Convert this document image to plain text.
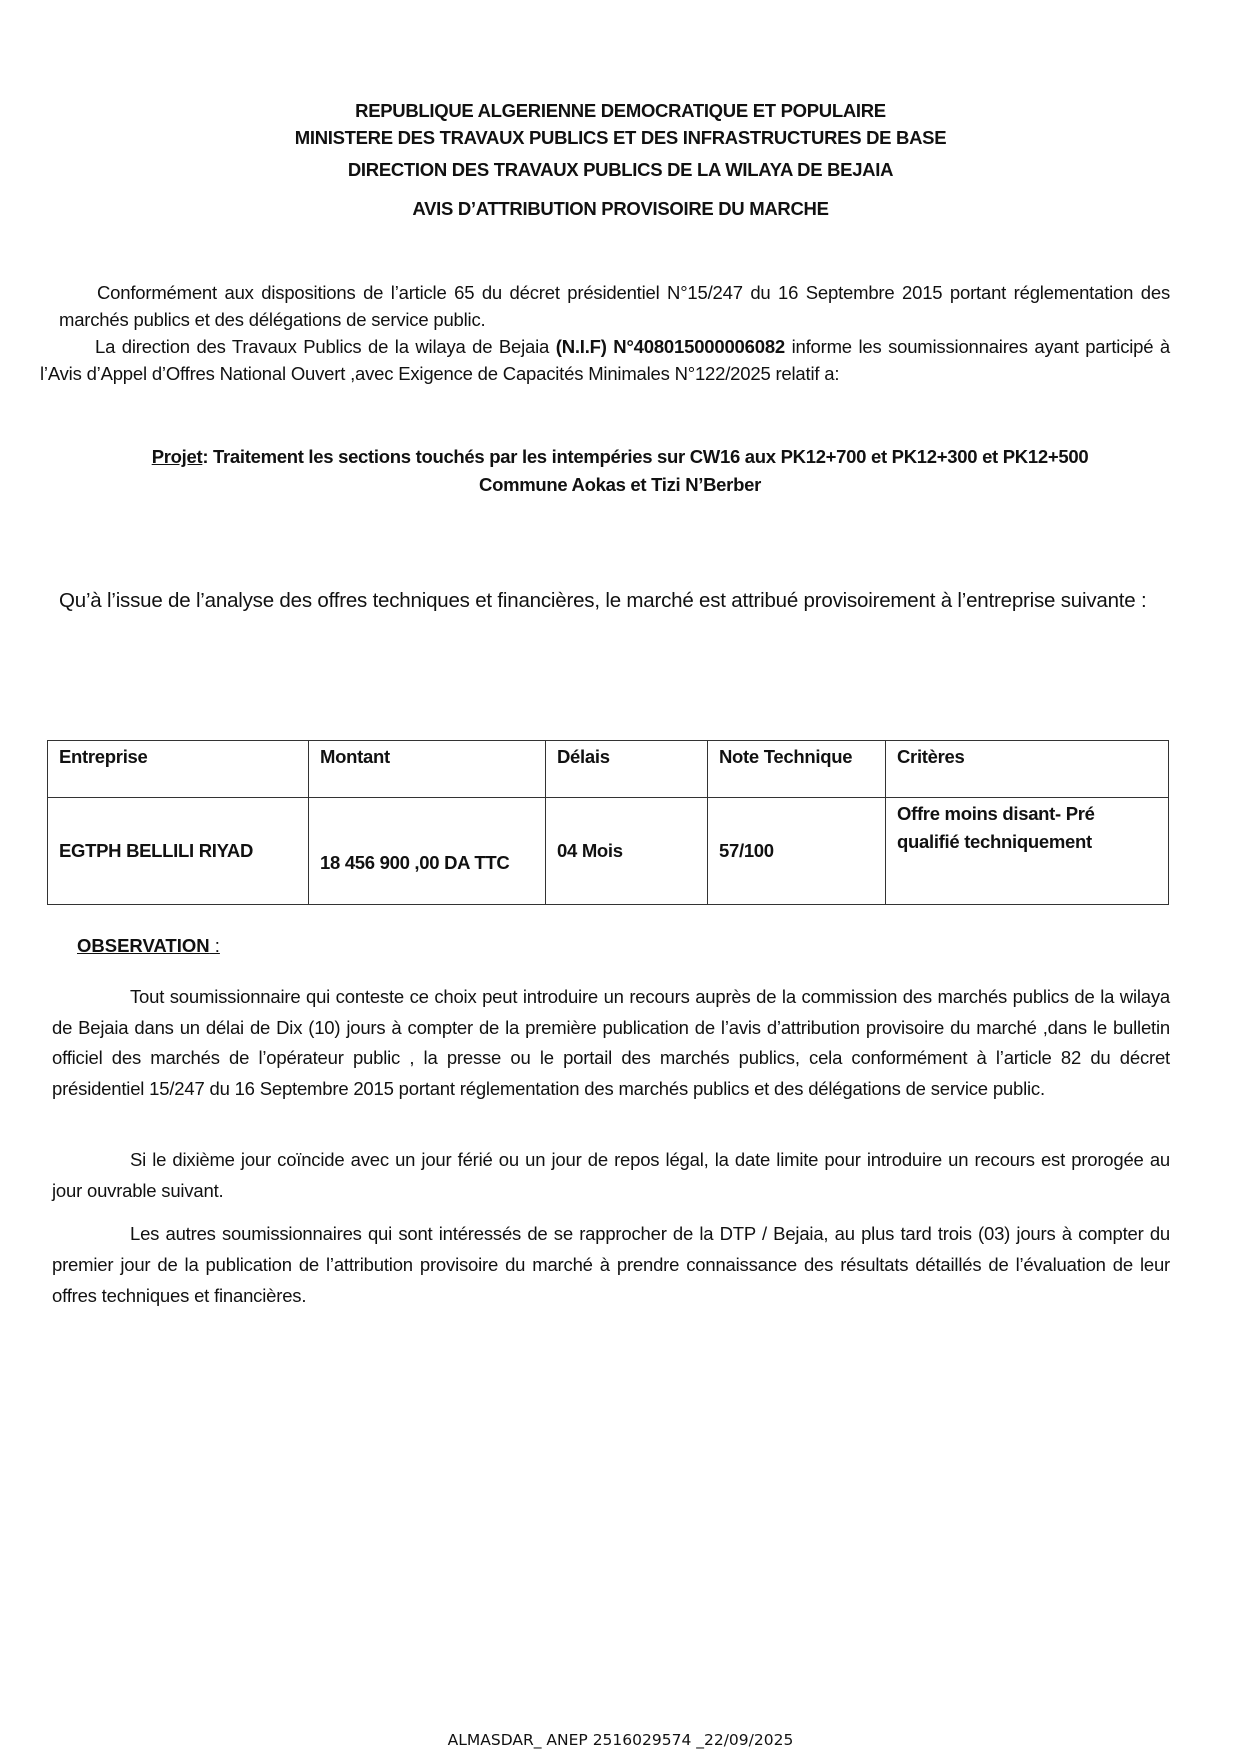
REPUBLIQUE ALGERIENNE DEMOCRATIQUE ET POPULAIRE
MINISTERE DES TRAVAUX PUBLICS ET DES INFRASTRUCTURES DE BASE
DIRECTION DES TRAVAUX PUBLICS DE LA WILAYA DE BEJAIA
AVIS D’ATTRIBUTION PROVISOIRE DU MARCHE
Conformément aux dispositions de l’article 65 du décret présidentiel N°15/247 du 16 Septembre 2015 portant réglementation des marchés publics et des délégations de service public.
La direction des Travaux Publics de la wilaya de Bejaia (N.I.F) N°408015000006082 informe les soumissionnaires ayant participé à l’Avis d’Appel d’Offres National Ouvert ,avec Exigence de Capacités Minimales N°122/2025 relatif a:
Projet: Traitement les sections touchés par les intempéries sur CW16 aux PK12+700 et PK12+300 et PK12+500
Commune Aokas et Tizi N’Berber
Qu’à l’issue de l’analyse des offres techniques et financières, le marché est attribué provisoirement à l’entreprise suivante :
Entreprise	Montant	Délais	Note Technique	Critères
EGTPH BELLILI RIYAD	18 456 900 ,00 DA TTC	04 Mois	57/100	Offre moins disant- Pré qualifié techniquement
OBSERVATION :
Tout soumissionnaire qui conteste ce choix peut introduire un recours auprès de la commission des marchés publics de la wilaya de Bejaia dans un délai de Dix (10) jours à compter de la première publication de l’avis d’attribution provisoire du marché ,dans le bulletin officiel des marchés de l’opérateur public , la presse ou le portail des marchés publics, cela conformément à l’article 82 du décret présidentiel 15/247 du 16 Septembre 2015 portant réglementation des marchés publics et des délégations de service public.
Si le dixième jour coïncide avec un jour férié ou un jour de repos légal, la date limite pour introduire un recours est prorogée au jour ouvrable suivant.
Les autres soumissionnaires qui sont intéressés de se rapprocher de la DTP / Bejaia, au plus tard trois (03) jours à compter du premier jour de la publication de l’attribution provisoire du marché à prendre connaissance des résultats détaillés de l’évaluation de leur offres techniques et financières.
ALMASDAR_ ANEP 2516029574 _22/09/2025
